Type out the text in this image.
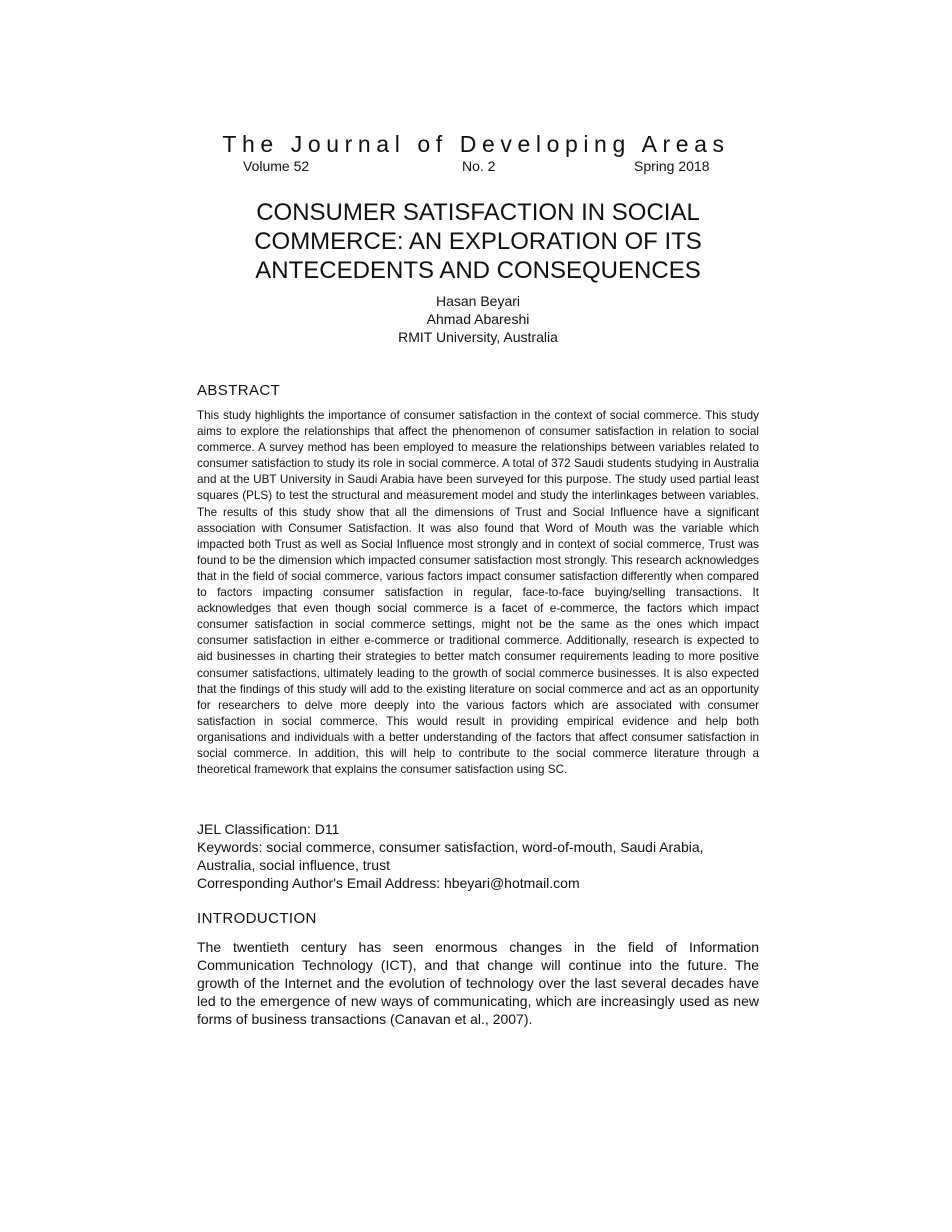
The Journal of Developing Areas
Volume 52	No. 2	Spring 2018
CONSUMER SATISFACTION IN SOCIAL
COMMERCE: AN EXPLORATION OF ITS
ANTECEDENTS AND CONSEQUENCES
Hasan Beyari
Ahmad Abareshi
RMIT University, Australia
ABSTRACT

This study highlights the importance of consumer satisfaction in the context of social commerce. This study aims to explore the relationships that affect the phenomenon of consumer satisfaction in relation to social commerce. A survey method has been employed to measure the relationships between variables related to consumer satisfaction to study its role in social commerce. A total of 372 Saudi students studying in Australia and at the UBT University in Saudi Arabia have been surveyed for this purpose. The study used partial least squares (PLS) to test the structural and measurement model and study the interlinkages between variables. The results of this study show that all the dimensions of Trust and Social Influence have a significant association with Consumer Satisfaction. It was also found that Word of Mouth was the variable which impacted both Trust as well as Social Influence most strongly and in context of social commerce, Trust was found to be the dimension which impacted consumer satisfaction most strongly. This research acknowledges that in the field of social commerce, various factors impact consumer satisfaction differently when compared to factors impacting consumer satisfaction in regular, face-to-face buying/selling transactions. It acknowledges that even though social commerce is a facet of e-commerce, the factors which impact consumer satisfaction in social commerce settings, might not be the same as the ones which impact consumer satisfaction in either e-commerce or traditional commerce. Additionally, research is expected to aid businesses in charting their strategies to better match consumer requirements leading to more positive consumer satisfactions, ultimately leading to the growth of social commerce businesses. It is also expected that the findings of this study will add to the existing literature on social commerce and act as an opportunity for researchers to delve more deeply into the various factors which are associated with consumer satisfaction in social commerce. This would result in providing empirical evidence and help both organisations and individuals with a better understanding of the factors that affect consumer satisfaction in social commerce. In addition, this will help to contribute to the social commerce literature through a theoretical framework that explains the consumer satisfaction using SC.

JEL Classification: D11
Keywords: social commerce, consumer satisfaction, word-of-mouth, Saudi Arabia,
Australia, social influence, trust
Corresponding Author's Email Address: hbeyari@hotmail.com
INTRODUCTION

The twentieth century has seen enormous changes in the field of Information Communication Technology (ICT), and that change will continue into the future. The growth of the Internet and the evolution of technology over the last several decades have led to the emergence of new ways of communicating, which are increasingly used as new forms of business transactions (Canavan et al., 2007).
